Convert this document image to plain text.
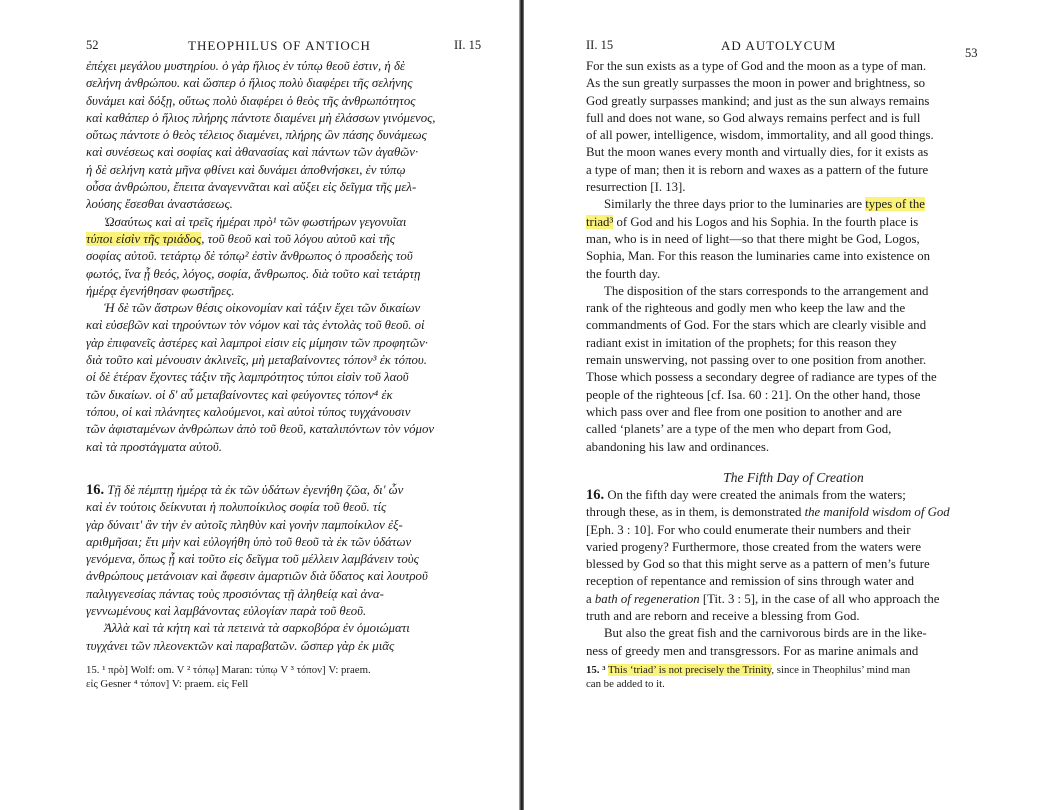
52	THEOPHILUS OF ANTIOCH	II. 15
ἐπέχει μεγάλου μυστηρίου. ὁ γὰρ ἥλιος ἐν τύπῳ θεοῦ ἐστιν, ἡ δὲ
σελήνη ἀνθρώπου. καὶ ὥσπερ ὁ ἥλιος πολὺ διαφέρει τῆς σελήνης
δυνάμει καὶ δόξῃ, οὕτως πολὺ διαφέρει ὁ θεὸς τῆς ἀνθρωπότητος
καὶ καθάπερ ὁ ἥλιος πλήρης πάντοτε διαμένει μὴ ἐλάσσων γινόμενος,
οὕτως πάντοτε ὁ θεὸς τέλειος διαμένει, πλήρης ὢν πάσης δυνάμεως
καὶ συνέσεως καὶ σοφίας καὶ ἀθανασίας καὶ πάντων τῶν ἀγαθῶν·
ἡ δὲ σελήνη κατὰ μῆνα φθίνει καὶ δυνάμει ἀποθνήσκει, ἐν τύπῳ
οὖσα ἀνθρώπου, ἔπειτα ἀναγεννᾶται καὶ αὔξει εἰς δεῖγμα τῆς μελ-
λούσης ἔσεσθαι ἀναστάσεως.
Ὡσαύτως καὶ αἱ τρεῖς ἡμέραι πρὸ¹ τῶν φωστήρων γεγονυῖαι
τύποι εἰσὶν τῆς τριάδος, τοῦ θεοῦ καὶ τοῦ λόγου αὐτοῦ καὶ τῆς
σοφίας αὐτοῦ. τετάρτῳ δὲ τόπῳ² ἐστὶν ἄνθρωπος ὁ προσδεὴς τοῦ
φωτός, ἵνα ᾖ θεός, λόγος, σοφία, ἄνθρωπος. διὰ τοῦτο καὶ τετάρτῃ
ἡμέρᾳ ἐγενήθησαν φωστῆρες.
Ἡ δὲ τῶν ἄστρων θέσις οἰκονομίαν καὶ τάξιν ἔχει τῶν δικαίων
καὶ εὐσεβῶν καὶ τηρούντων τὸν νόμον καὶ τὰς ἐντολὰς τοῦ θεοῦ. οἱ
γὰρ ἐπιφανεῖς ἀστέρες καὶ λαμπροὶ εἰσιν εἰς μίμησιν τῶν προφητῶν·
διὰ τοῦτο καὶ μένουσιν ἀκλινεῖς, μὴ μεταβαίνοντες τόπον³ ἐκ τόπου.
οἱ δὲ ἑτέραν ἔχοντες τάξιν τῆς λαμπρότητος τύποι εἰσὶν τοῦ λαοῦ
τῶν δικαίων. οἱ δ' αὖ μεταβαίνοντες καὶ φεύγοντες τόπον⁴ ἐκ
τόπου, οἱ καὶ πλάνητες καλούμενοι, καὶ αὐτοὶ τύπος τυγχάνουσιν
τῶν ἀφισταμένων ἀνθρώπων ἀπὸ τοῦ θεοῦ, καταλιπόντων τὸν νόμον
καὶ τὰ προστάγματα αὐτοῦ.
16. Τῇ δὲ πέμπτῃ ἡμέρᾳ τὰ ἐκ τῶν ὑδάτων ἐγενήθη ζῶα, δι' ὧν
καὶ ἐν τούτοις δείκνυται ἡ πολυποίκιλος σοφία τοῦ θεοῦ. τίς
γὰρ δύναιτ' ἂν τὴν ἐν αὐτοῖς πληθὺν καὶ γονὴν παμποίκιλον ἐξ-
αριθμῆσαι; ἔτι μὴν καὶ εὐλογήθη ὑπὸ τοῦ θεοῦ τὰ ἐκ τῶν ὑδάτων
γενόμενα, ὅπως ᾖ καὶ τοῦτο εἰς δεῖγμα τοῦ μέλλειν λαμβάνειν τοὺς
ἀνθρώπους μετάνοιαν καὶ ἄφεσιν ἁμαρτιῶν διὰ ὕδατος καὶ λουτροῦ
παλιγγενεσίας πάντας τοὺς προσιόντας τῇ ἀληθείᾳ καὶ ἀνα-
γεννωμένους καὶ λαμβάνοντας εὐλογίαν παρὰ τοῦ θεοῦ.
Ἀλλὰ καὶ τὰ κήτη καὶ τὰ πετεινὰ τὰ σαρκοβόρα ἐν ὁμοιώματι
τυγχάνει τῶν πλεονεκτῶν καὶ παραβατῶν. ὥσπερ γὰρ ἐκ μιᾶς
15. ¹ πρὸ] Wolf: om. V ² τόπῳ] Maran: τύπῳ V ³ τόπον] V: praem.
εἰς Gesner ⁴ τόπον] V: praem. εἰς Fell
II. 15	AD AUTOLYCUM	53
For the sun exists as a type of God and the moon as a type of man.
As the sun greatly surpasses the moon in power and brightness, so
God greatly surpasses mankind; and just as the sun always remains
full and does not wane, so God always remains perfect and is full
of all power, intelligence, wisdom, immortality, and all good things.
But the moon wanes every month and virtually dies, for it exists as
a type of man; then it is reborn and waxes as a pattern of the future
resurrection [I. 13].
Similarly the three days prior to the luminaries are types of the
triad³ of God and his Logos and his Sophia. In the fourth place is
man, who is in need of light—so that there might be God, Logos,
Sophia, Man. For this reason the luminaries came into existence on
the fourth day.
The disposition of the stars corresponds to the arrangement and
rank of the righteous and godly men who keep the law and the
commandments of God. For the stars which are clearly visible and
radiant exist in imitation of the prophets; for this reason they
remain unswerving, not passing over to one position from another.
Those which possess a secondary degree of radiance are types of the
people of the righteous [cf. Isa. 60 : 21]. On the other hand, those
which pass over and flee from one position to another and are
called ‘planets’ are a type of the men who depart from God,
abandoning his law and ordinances.
The Fifth Day of Creation
16. On the fifth day were created the animals from the waters;
through these, as in them, is demonstrated the manifold wisdom of God
[Eph. 3 : 10]. For who could enumerate their numbers and their
varied progeny? Furthermore, those created from the waters were
blessed by God so that this might serve as a pattern of men’s future
reception of repentance and remission of sins through water and
a bath of regeneration [Tit. 3 : 5], in the case of all who approach the
truth and are reborn and receive a blessing from God.
But also the great fish and the carnivorous birds are in the like-
ness of greedy men and transgressors. For as marine animals and
15. ³ This ‘triad’ is not precisely the Trinity, since in Theophilus’ mind man
can be added to it.
